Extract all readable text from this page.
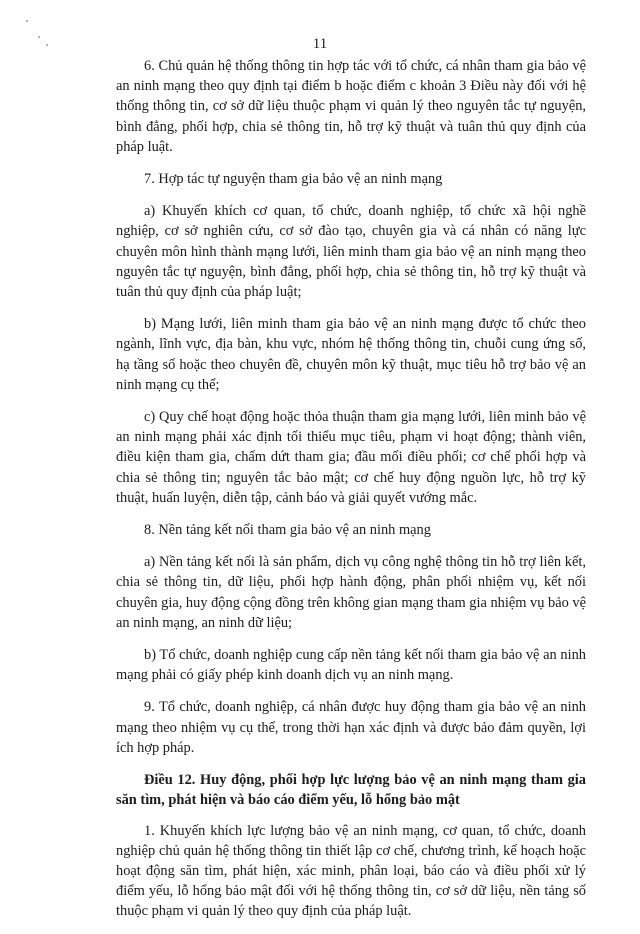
11

6. Chủ quản hệ thống thông tin hợp tác với tổ chức, cá nhân tham gia bảo vệ an ninh mạng theo quy định tại điểm b hoặc điểm c khoản 3 Điều này đối với hệ thống thông tin, cơ sở dữ liệu thuộc phạm vi quản lý theo nguyên tắc tự nguyện, bình đẳng, phối hợp, chia sẻ thông tin, hỗ trợ kỹ thuật và tuân thủ quy định của pháp luật.

7. Hợp tác tự nguyện tham gia bảo vệ an ninh mạng

a) Khuyến khích cơ quan, tổ chức, doanh nghiệp, tổ chức xã hội nghề nghiệp, cơ sở nghiên cứu, cơ sở đào tạo, chuyên gia và cá nhân có năng lực chuyên môn hình thành mạng lưới, liên minh tham gia bảo vệ an ninh mạng theo nguyên tắc tự nguyện, bình đẳng, phối hợp, chia sẻ thông tin, hỗ trợ kỹ thuật và tuân thủ quy định của pháp luật;

b) Mạng lưới, liên minh tham gia bảo vệ an ninh mạng được tổ chức theo ngành, lĩnh vực, địa bàn, khu vực, nhóm hệ thống thông tin, chuỗi cung ứng số, hạ tầng số hoặc theo chuyên đề, chuyên môn kỹ thuật, mục tiêu hỗ trợ bảo vệ an ninh mạng cụ thể;

c) Quy chế hoạt động hoặc thỏa thuận tham gia mạng lưới, liên minh bảo vệ an ninh mạng phải xác định tối thiểu mục tiêu, phạm vi hoạt động; thành viên, điều kiện tham gia, chấm dứt tham gia; đầu mối điều phối; cơ chế phối hợp và chia sẻ thông tin; nguyên tắc bảo mật; cơ chế huy động nguồn lực, hỗ trợ kỹ thuật, huấn luyện, diễn tập, cảnh báo và giải quyết vướng mắc.

8. Nền tảng kết nối tham gia bảo vệ an ninh mạng

a) Nền tảng kết nối là sản phẩm, dịch vụ công nghệ thông tin hỗ trợ liên kết, chia sẻ thông tin, dữ liệu, phối hợp hành động, phân phối nhiệm vụ, kết nối chuyên gia, huy động cộng đồng trên không gian mạng tham gia nhiệm vụ bảo vệ an ninh mạng, an ninh dữ liệu;

b) Tổ chức, doanh nghiệp cung cấp nền tảng kết nối tham gia bảo vệ an ninh mạng phải có giấy phép kinh doanh dịch vụ an ninh mạng.

9. Tổ chức, doanh nghiệp, cá nhân được huy động tham gia bảo vệ an ninh mạng theo nhiệm vụ cụ thể, trong thời hạn xác định và được bảo đảm quyền, lợi ích hợp pháp.

Điều 12. Huy động, phối hợp lực lượng bảo vệ an ninh mạng tham gia săn tìm, phát hiện và báo cáo điểm yếu, lỗ hổng bảo mật

1. Khuyến khích lực lượng bảo vệ an ninh mạng, cơ quan, tổ chức, doanh nghiệp chủ quản hệ thống thông tin thiết lập cơ chế, chương trình, kế hoạch hoặc hoạt động săn tìm, phát hiện, xác minh, phân loại, báo cáo và điều phối xử lý điểm yếu, lỗ hổng bảo mật đối với hệ thống thông tin, cơ sở dữ liệu, nền tảng số thuộc phạm vi quản lý theo quy định của pháp luật.
